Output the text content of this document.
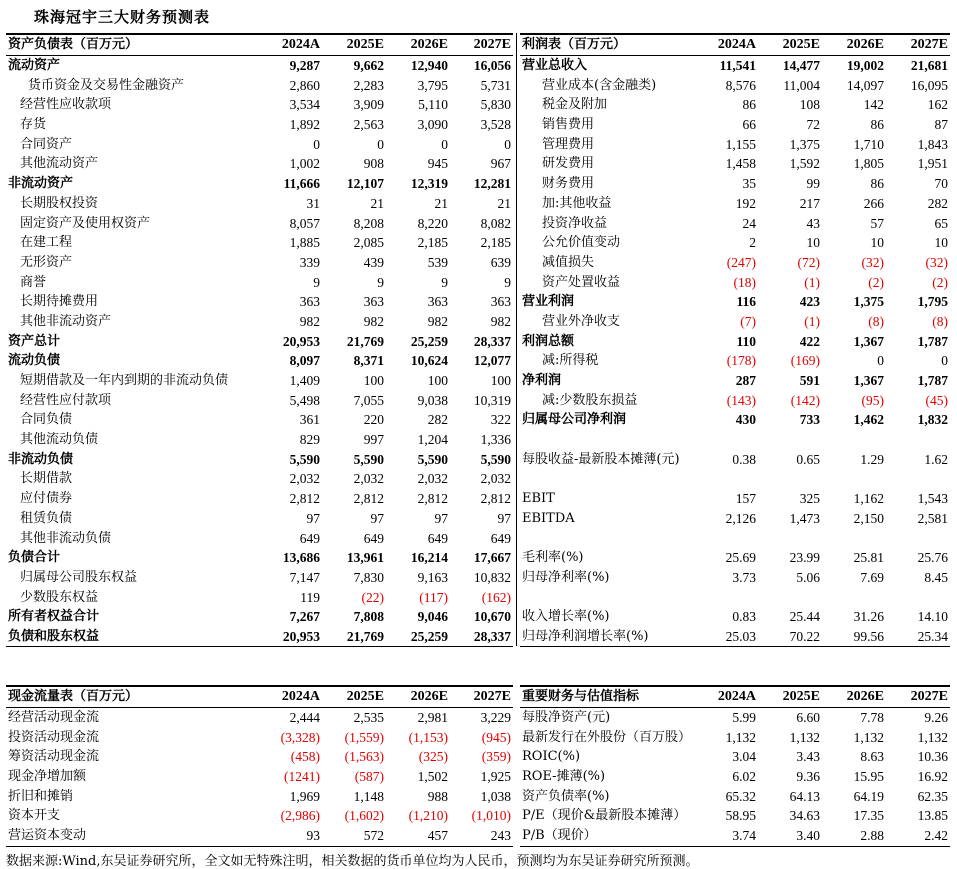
珠海冠宇三大财务预测表
资产负债表（百万元）	2024A	2025E	2026E	2027E
流动资产	9,287	9,662	12,940	16,056
货币资金及交易性金融资产	2,860	2,283	3,795	5,731
经营性应收款项	3,534	3,909	5,110	5,830
存货	1,892	2,563	3,090	3,528
合同资产	0	0	0	0
其他流动资产	1,002	908	945	967
非流动资产	11,666	12,107	12,319	12,281
长期股权投资	31	21	21	21
固定资产及使用权资产	8,057	8,208	8,220	8,082
在建工程	1,885	2,085	2,185	2,185
无形资产	339	439	539	639
商誉	9	9	9	9
长期待摊费用	363	363	363	363
其他非流动资产	982	982	982	982
资产总计	20,953	21,769	25,259	28,337
流动负债	8,097	8,371	10,624	12,077
短期借款及一年内到期的非流动负债	1,409	100	100	100
经营性应付款项	5,498	7,055	9,038	10,319
合同负债	361	220	282	322
其他流动负债	829	997	1,204	1,336
非流动负债	5,590	5,590	5,590	5,590
长期借款	2,032	2,032	2,032	2,032
应付债券	2,812	2,812	2,812	2,812
租赁负债	97	97	97	97
其他非流动负债	649	649	649	649
负债合计	13,686	13,961	16,214	17,667
归属母公司股东权益	7,147	7,830	9,163	10,832
少数股东权益	119	(22)	(117)	(162)
所有者权益合计	7,267	7,808	9,046	10,670
负债和股东权益	20,953	21,769	25,259	28,337
利润表（百万元）	2024A	2025E	2026E	2027E
营业总收入	11,541	14,477	19,002	21,681
营业成本(含金融类)	8,576	11,004	14,097	16,095
税金及附加	86	108	142	162
销售费用	66	72	86	87
管理费用	1,155	1,375	1,710	1,843
研发费用	1,458	1,592	1,805	1,951
财务费用	35	99	86	70
加:其他收益	192	217	266	282
投资净收益	24	43	57	65
公允价值变动	2	10	10	10
减值损失	(247)	(72)	(32)	(32)
资产处置收益	(18)	(1)	(2)	(2)
营业利润	116	423	1,375	1,795
营业外净收支	(7)	(1)	(8)	(8)
利润总额	110	422	1,367	1,787
减:所得税	(178)	(169)	0	0
净利润	287	591	1,367	1,787
减:少数股东损益	(143)	(142)	(95)	(45)
归属母公司净利润	430	733	1,462	1,832

每股收益-最新股本摊薄(元)	0.38	0.65	1.29	1.62

EBIT	157	325	1,162	1,543
EBITDA	2,126	1,473	2,150	2,581

毛利率(%)	25.69	23.99	25.81	25.76
归母净利率(%)	3.73	5.06	7.69	8.45

收入增长率(%)	0.83	25.44	31.26	14.10
归母净利润增长率(%)	25.03	70.22	99.56	25.34
现金流量表（百万元）	2024A	2025E	2026E	2027E
经营活动现金流	2,444	2,535	2,981	3,229
投资活动现金流	(3,328)	(1,559)	(1,153)	(945)
筹资活动现金流	(458)	(1,563)	(325)	(359)
现金净增加额	(1241)	(587)	1,502	1,925
折旧和摊销	1,969	1,148	988	1,038
资本开支	(2,986)	(1,602)	(1,210)	(1,010)
营运资本变动	93	572	457	243
重要财务与估值指标	2024A	2025E	2026E	2027E
每股净资产(元)	5.99	6.60	7.78	9.26
最新发行在外股份（百万股）	1,132	1,132	1,132	1,132
ROIC(%)	3.04	3.43	8.63	10.36
ROE-摊薄(%)	6.02	9.36	15.95	16.92
资产负债率(%)	65.32	64.13	64.19	62.35
P/E（现价&最新股本摊薄）	58.95	34.63	17.35	13.85
P/B（现价）	3.74	3.40	2.88	2.42
数据来源:Wind,东吴证券研究所，全文如无特殊注明，相关数据的货币单位均为人民币，预测均为东吴证券研究所预测。
